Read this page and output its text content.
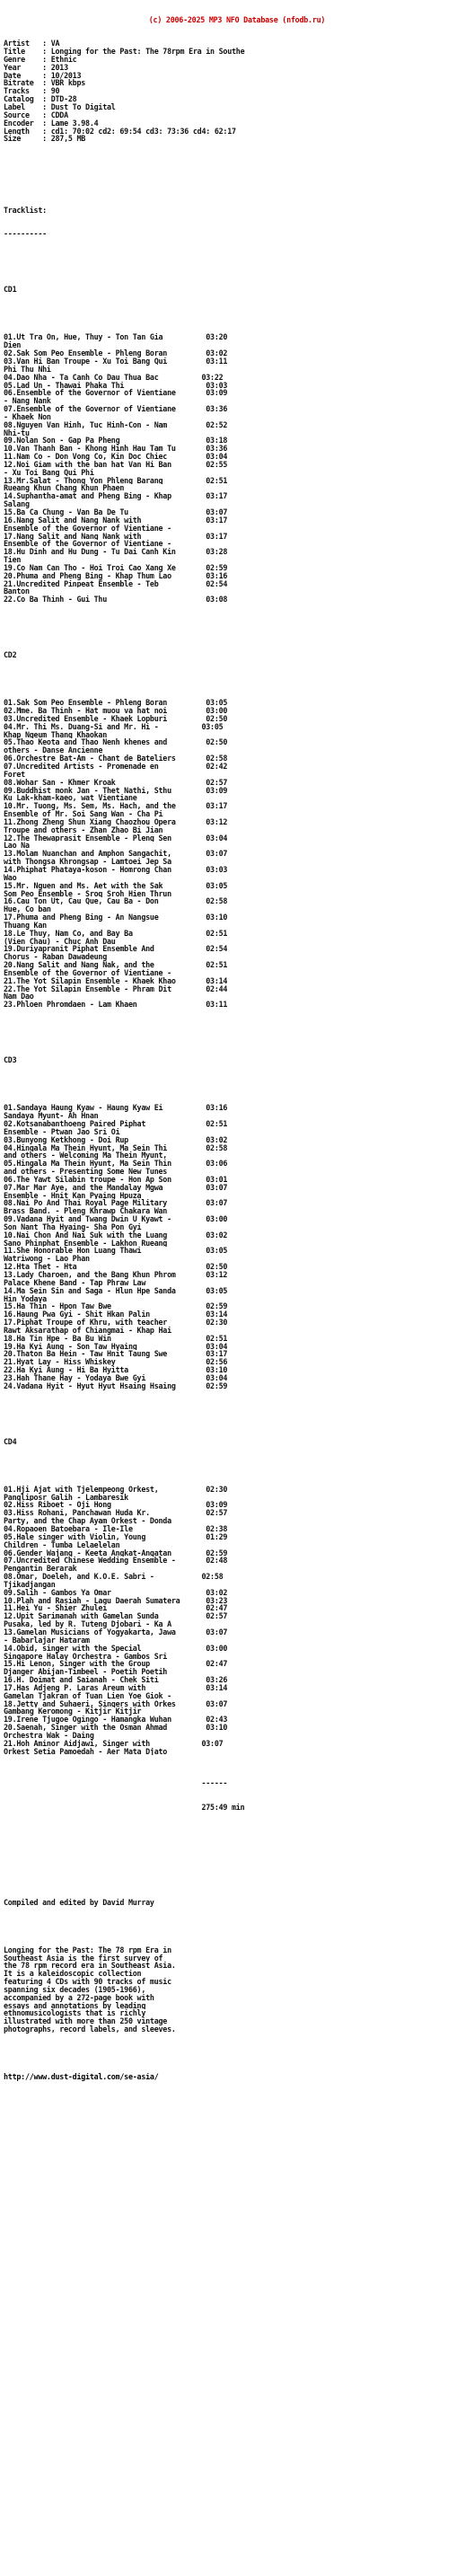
(c) 2006-2025 MP3 NFO Database (nfodb.ru)

Artist   : VA
Title    : Longing for the Past: The 78rpm Era in Southe
Genre    : Ethnic
Year     : 2013
Date     : 10/2013
Bitrate  : VBR kbps
Tracks   : 90
Catalog  : DTD-28
Label    : Dust To Digital
Source   : CDDA
Encoder  : Lame 3.98.4
Length   : cd1: 70:02 cd2: 69:54 cd3: 73:36 cd4: 62:17
Size     : 287,5 MB

Tracklist:

----------

CD1

01.Ut Tra On, Hue, Thuy - Ton Tan Gia          03:20
Dien
02.Sak Som Peo Ensemble - Phleng Boran         03:02
03.Van Hi Ban Troupe - Xu Toi Bang Qui         03:11
Phi Thu Nhi
04.Dao Nha - Ta Canh Co Dau Thua Bac          03:22
05.Lad Un - Thawai Phaka Thi                   03:03
06.Ensemble of the Governor of Vientiane       03:09
- Nang Nank
07.Ensemble of the Governor of Vientiane       03:36
- Khaek Non
08.Nguyen Van Hinh, Tuc Hinh-Con - Nam         02:52
Nhi-tu
09.Nolan Son - Gap Pa Pheng                    03:18
10.Van Thanh Ban - Khong Hinh Hau Tam Tu       03:36
11.Nam Co - Don Vong Co, Kin Doc Chiec         03:04
12.Noi Giam with the ban hat Van Hi Ban        02:55
- Xu Toi Bang Qui Phi
13.Mr.Salat - Thong Yon Phleng Barang          02:51
Rueang Khun Chang Khun Phaen
14.Suphantha-amat and Pheng Bing - Khap        03:17
Salang
15.Ba Ca Chung - Van Ba De Tu                  03:07
16.Nang Salit and Nang Nank with               03:17
Ensemble of the Governor of Vientiane -
17.Nang Salit and Nang Nank with               03:17
Ensemble of the Governor of Vientiane -
18.Hu Dinh and Hu Dung - Tu Dai Canh Kin       03:28
Tien
19.Co Nam Can Tho - Hoi Troi Cao Xang Xe       02:59
20.Phuma and Pheng Bing - Khap Thum Lao        03:16
21.Uncredited Pinpeat Ensemble - Teb           02:54
Banton
22.Co Ba Thinh - Gui Thu                       03:08

CD2

01.Sak Som Peo Ensemble - Phleng Boran         03:05
02.Mme. Ba Thinh - Hat muou va hat noi         03:00
03.Uncredited Ensemble - Khaek Lopburi         02:50
04.Mr. Thi Ms. Duang-Si and Mr. Hi -          03:05
Khap Ngeum Thang Khaokan
05.Thao Keota and Thao Nenh khenes and         02:50
others - Danse Ancienne
06.Orchestre Bat-Am - Chant de Bateliers       02:58
07.Uncredited Artists - Promenade en           02:42
Foret
08.Wohar San - Khmer Kroak                     02:57
09.Buddhist monk Jan - Thet Nathi, Sthu        03:09
Ku Lak-kham-kaeo, wat Vientiane
10.Mr. Tuong, Ms. Sem, Ms. Hach, and the       03:17
Ensemble of Mr. Soi Sang Wan - Cha Pi
11.Zhong Zheng Shun Xiang Chaozhou Opera       03:12
Troupe and others - Zhan Zhao Bi Jian
12.The Thewaprasit Ensemble - Pleng Sen        03:04
Lao Na
13.Molam Nuanchan and Amphon Sangachit,        03:07
with Thongsa Khrongsap - Lamtoei Jep Sa
14.Phiphat Phataya-koson - Homrong Chan        03:03
Wao
15.Mr. Nguen and Ms. Aet with the Sak          03:05
Som Peo Ensemble - Sroq Sroh Hien Thrun
16.Cau Ton Ut, Cau Que, Cau Ba - Don           02:58
Hue, Co ban
17.Phuma and Pheng Bing - An Nangsue           03:10
Thuang Kan
18.Le Thuy, Nam Co, and Bay Ba                 02:51
(Vien Chau) - Chuc Anh Dau
19.Duriyapranit Piphat Ensemble And            02:54
Chorus - Raban Dawadeung
20.Nang Salit and Nang Nak, and the            02:51
Ensemble of the Governor of Vientiane -
21.The Yot Silapin Ensemble - Khaek Khao       03:14
22.The Yot Silapin Ensemble - Phram Dit        02:44
Nam Dao
23.Phloen Phromdaen - Lam Khaen                03:11

CD3

01.Sandaya Haung Kyaw - Haung Kyaw Ei          03:16
Sandaya Myunt- Ah Hnan
02.Kotsanabanthoeng Paired Piphat              02:51
Ensemble - Ptwan Jao Sri Oi
03.Bunyong Ketkhong - Doi Rup                  03:02
04.Hingala Ma Thein Hyunt, Ma Sein Thi         02:58
and others - Welcoming Ma Thein Myunt,
05.Hingala Ma Thein Hyunt, Ma Sein Thin        03:06
and others - Presenting Some New Tunes
06.The Yawt Silabin troupe - Hon Ap Son        03:01
07.Mar Mar Aye, and the Mandalay Mgwa          03:07
Ensemble - Hnit Kan Pyaing Hpuza
08.Nai Po And Thai Royal Page Military         03:07
Brass Band. - Pleng Khrawp Chakara Wan
09.Vadana Hyit and Twang Dwin U Kyawt -        03:00
Son Nant Tha Hyaing- Sha Pon Gyi
10.Nai Chon And Nai Suk with the Luang         03:02
Sano Phinphat Ensemble - Lakhon Rueang
11.She Honorable Hon Luang Thawi               03:05
Watriwong - Lao Phan
12.Hta Thet - Hta                              02:50
13.Lady Charoen, and the Bang Khun Phrom       03:12
Palace Khene Band - Tap Phraw Law
14.Ma Sein Sin and Saga - Hlun Hpe Sanda       03:05
Hin Yodaya
15.Ha Thin - Hpon Taw Bwe                      02:59
16.Haung Pwa Gyi - Shit Hkan Palin             03:14
17.Piphat Troupe of Khru, with teacher         02:30
Rawt Aksarathap of Chiangmai - Khap Hai
18.Ha Tin Hpe - Ba Bu Win                      02:51
19.Ha Kyi Aung - Son Taw Hyaing                03:04
20.Thaton Ba Hein - Taw Hnit Taung Swe         03:17
21.Hyat Lay - Hiss Whiskey                     02:56
22.Ha Kyi Aung - Hi Ba Hyitta                  03:10
23.Hah Thane Hay - Yodaya Bwe Gyi              03:04
24.Vadana Hyit - Hyut Hyut Hsaing Hsaing       02:59

CD4

01.Hji Ajat with Tjelempeong Orkest,           02:30
Pangliposr Galih - Lambaresik
02.Hiss Riboet - Oji Hong                      03:09
03.Hiss Rohani, Panchawan Huda Kr.             02:57
Party, and the Chap Ayam Orkest - Donda
04.Ropaoen Batoebara - Ile-Ile                 02:38
05.Hale singer with Violin, Young              01:29
Children - Tumba Lelaelelan
06.Gender Wajang - Keeta Angkat-Angatan        02:59
07.Uncredited Chinese Wedding Ensemble -       02:48
Pengantin Berarak
08.Omar, Doeleh, and K.O.E. Sabri -           02:58
Tjikadjangan
09.Salih - Gambos Ya Omar                      03:02
10.Plah and Rasiah - Lagu Daerah Sumatera      03:23
11.Hei Yu - Shier Zhulei                       02:47
12.Upit Sarimanah with Gamelan Sunda           02:57
Pusaka, led by R. Tuteng Djobari - Ka A
13.Gamelan Musicians of Yogyakarta, Jawa       03:07
- Babarlajar Hataram
14.Obid, singer with the Special               03:00
Singapore Halay Orchestra - Gambos Sri
15.Hi Lenon, Singer with the Group             02:47
Djanger Abijan-Timbeel - Poetih Poetih
16.H. Doimat and Saianah - Chek Siti           03:26
17.Has Adjeng P. Laras Areum with              03:14
Gamelan Tjakran of Tuan Lien Yoe Giok -
18.Jetty and Suhaeri, Singers with Orkes       03:07
Gambang Keromong - Kitjir Kitjir
19.Irene Tjugoe Ogingo - Hamangka Wuhan        02:43
20.Saenah, Singer with the Osman Ahmad         03:10
Orchestra Wak - Daing
21.Hoh Aminor Aidjawi, Singer with            03:07
Orkest Setia Pamoedah - Aer Mata Djato

------

275:49 min

Compiled and edited by David Murray

Longing for the Past: The 78 rpm Era in
Southeast Asia is the first survey of
the 78 rpm record era in Southeast Asia.
It is a kaleidoscopic collection
featuring 4 CDs with 90 tracks of music
spanning six decades (1905-1966),
accompanied by a 272-page book with
essays and annotations by leading
ethnomusicologists that is richly
illustrated with more than 250 vintage
photographs, record labels, and sleeves.

http://www.dust-digital.com/se-asia/
